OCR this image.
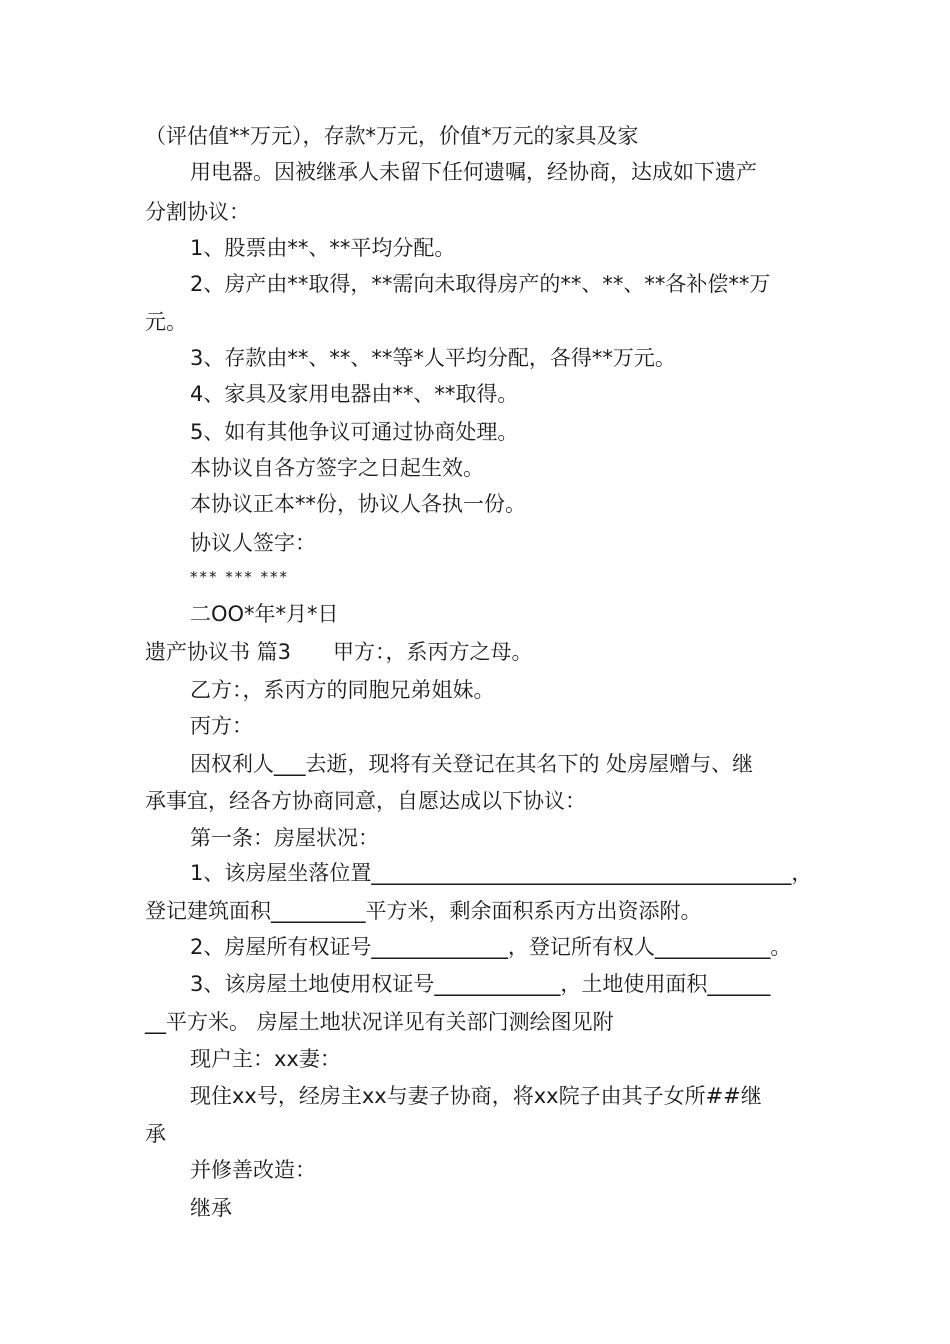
（评估值**万元），存款*万元，价值*万元的家具及家
用电器。因被继承人未留下任何遗嘱，经协商，达成如下遗产
分割协议：
1、股票由**、**平均分配。
2、房产由**取得，**需向未取得房产的**、**、**各补偿**万
元。
3、存款由**、**、**等*人平均分配，各得**万元。
4、家具及家用电器由**、**取得。
5、如有其他争议可通过协商处理。
本协议自各方签字之日起生效。
本协议正本**份，协议人各执一份。
协议人签字：
*** *** ***
二OO*年*月*日
遗产协议书 篇3　　甲方：，系丙方之母。
乙方：，系丙方的同胞兄弟姐妹。
丙方：
因权利人___去逝，现将有关登记在其名下的 处房屋赠与、继
承事宜，经各方协商同意，自愿达成以下协议：
第一条：房屋状况：
1、该房屋坐落位置________________________________________，
登记建筑面积_________平方米，剩余面积系丙方出资添附。
2、房屋所有权证号_____________，登记所有权人___________。
3、该房屋土地使用权证号____________，土地使用面积______
__平方米。 房屋土地状况详见有关部门测绘图见附
现户主：xx妻：
现住xx号，经房主xx与妻子协商，将xx院子由其子女所##继
承
并修善改造：
继承
